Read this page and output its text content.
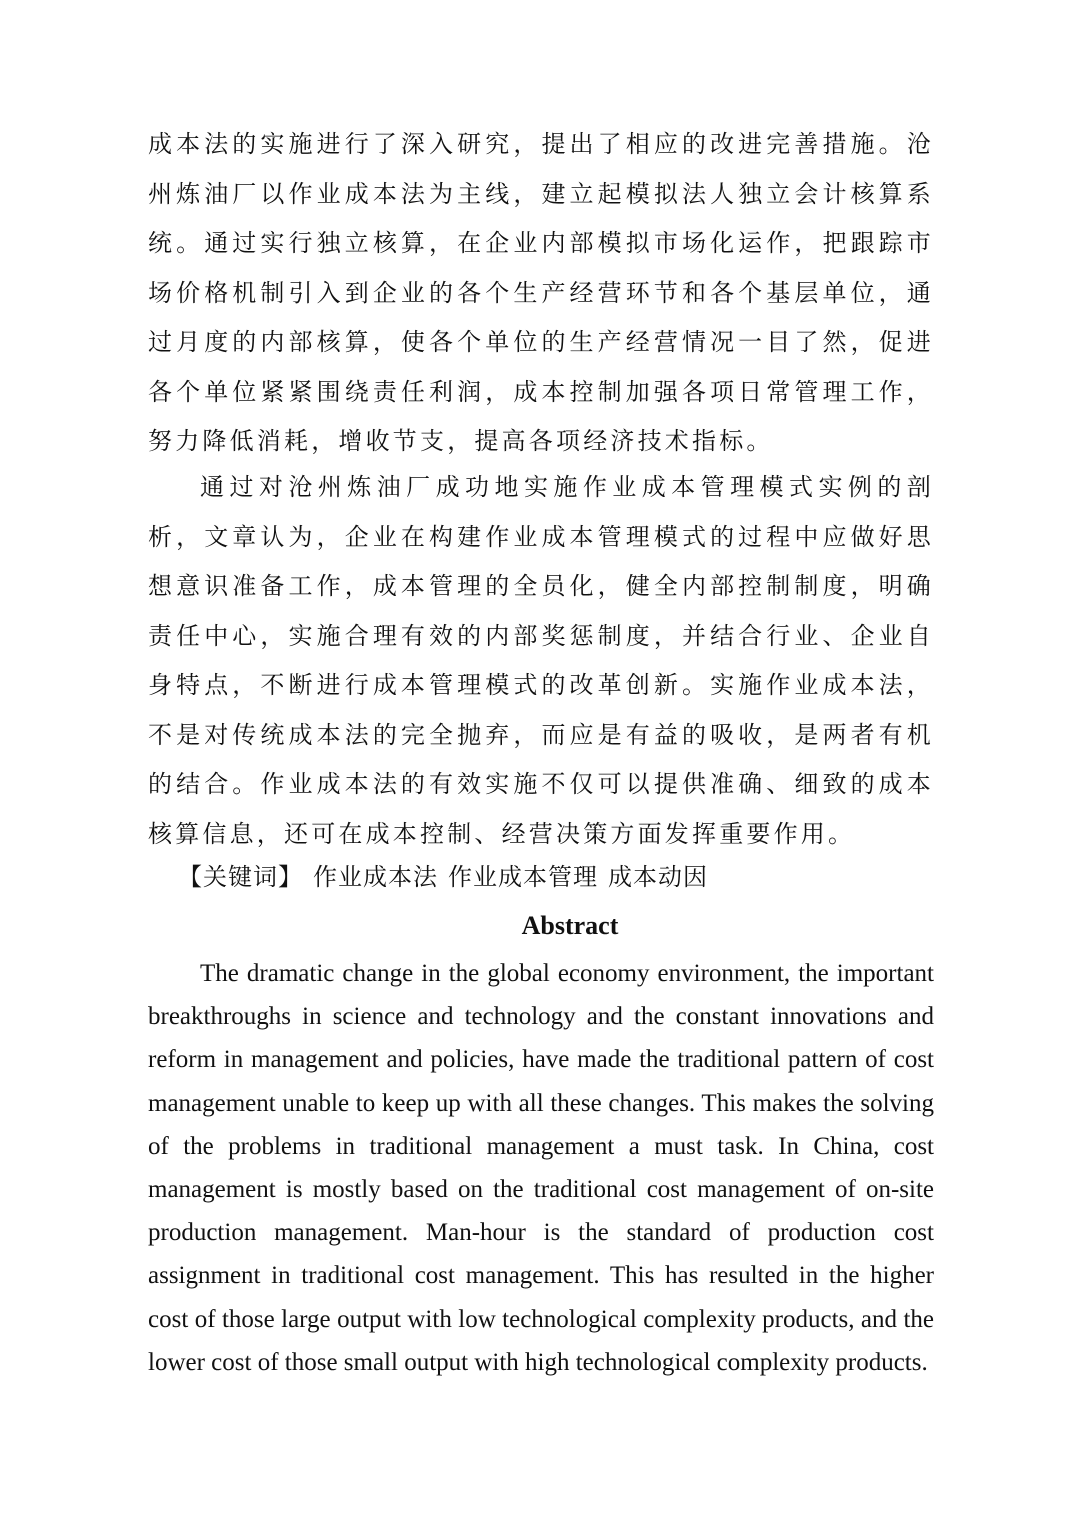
成本法的实施进行了深入研究，提出了相应的改进完善措施。沧州炼油厂以作业成本法为主线，建立起模拟法人独立会计核算系统。通过实行独立核算，在企业内部模拟市场化运作，把跟踪市场价格机制引入到企业的各个生产经营环节和各个基层单位，通过月度的内部核算，使各个单位的生产经营情况一目了然，促进各个单位紧紧围绕责任利润，成本控制加强各项日常管理工作，努力降低消耗，增收节支，提高各项经济技术指标。

通过对沧州炼油厂成功地实施作业成本管理模式实例的剖析，文章认为，企业在构建作业成本管理模式的过程中应做好思想意识准备工作，成本管理的全员化，健全内部控制制度，明确责任中心，实施合理有效的内部奖惩制度，并结合行业、企业自身特点，不断进行成本管理模式的改革创新。实施作业成本法，不是对传统成本法的完全抛弃，而应是有益的吸收，是两者有机的结合。作业成本法的有效实施不仅可以提供准确、细致的成本核算信息，还可在成本控制、经营决策方面发挥重要作用。

【关键词】 作业成本法 作业成本管理 成本动因
Abstract

The dramatic change in the global economy environment, the important breakthroughs in science and technology and the constant innovations and reform in management and policies, have made the traditional pattern of cost management unable to keep up with all these changes. This makes the solving of the problems in traditional management a must task. In China, cost management is mostly based on the traditional cost management of on-site production management. Man-hour is the standard of production cost assignment in traditional cost management. This has resulted in the higher cost of those large output with low technological complexity products, and the lower cost of those small output with high technological complexity products.
